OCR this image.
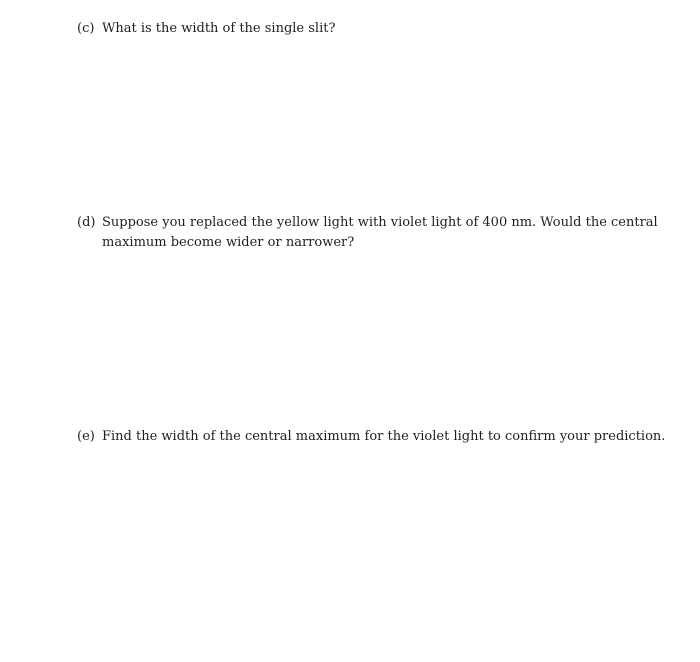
(c) What is the width of the single slit?
(d) Suppose you replaced the yellow light with violet light of 400 nm. Would the central
maximum become wider or narrower?
(e) Find the width of the central maximum for the violet light to confirm your prediction.
